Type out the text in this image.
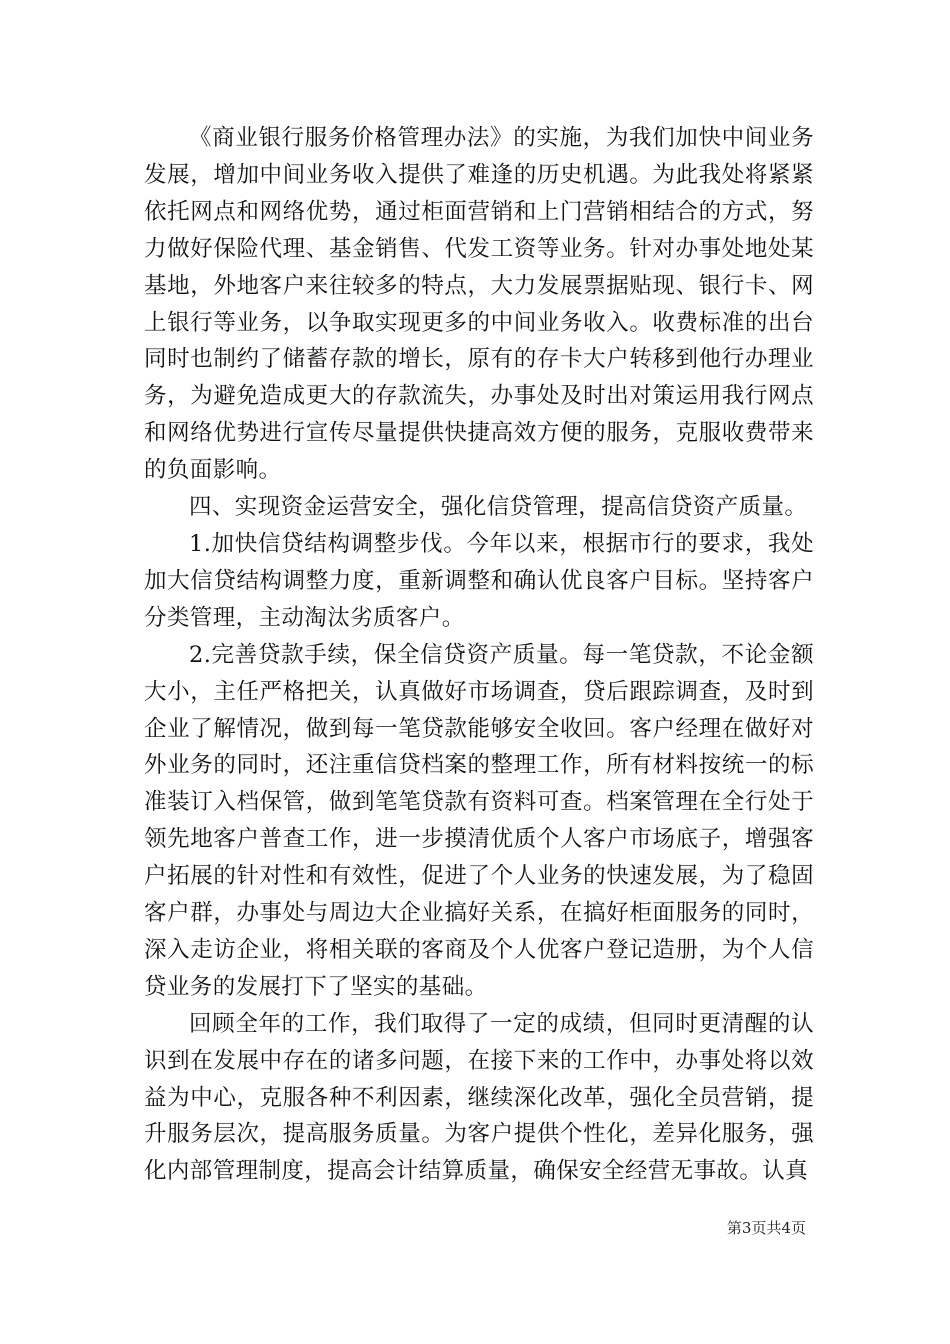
《商业银行服务价格管理办法》的实施，为我们加快中间业务发展，增加中间业务收入提供了难逢的历史机遇。为此我处将紧紧依托网点和网络优势，通过柜面营销和上门营销相结合的方式，努力做好保险代理、基金销售、代发工资等业务。针对办事处地处某基地，外地客户来往较多的特点，大力发展票据贴现、银行卡、网上银行等业务，以争取实现更多的中间业务收入。收费标准的出台同时也制约了储蓄存款的增长，原有的存卡大户转移到他行办理业务，为避免造成更大的存款流失，办事处及时出对策运用我行网点和网络优势进行宣传尽量提供快捷高效方便的服务，克服收费带来的负面影响。

四、实现资金运营安全，强化信贷管理，提高信贷资产质量。

1.加快信贷结构调整步伐。今年以来，根据市行的要求，我处加大信贷结构调整力度，重新调整和确认优良客户目标。坚持客户分类管理，主动淘汰劣质客户。

2.完善贷款手续，保全信贷资产质量。每一笔贷款，不论金额大小，主任严格把关，认真做好市场调查，贷后跟踪调查，及时到企业了解情况，做到每一笔贷款能够安全收回。客户经理在做好对外业务的同时，还注重信贷档案的整理工作，所有材料按统一的标准装订入档保管，做到笔笔贷款有资料可查。档案管理在全行处于领先地客户普查工作，进一步摸清优质个人客户市场底子，增强客户拓展的针对性和有效性，促进了个人业务的快速发展，为了稳固客户群，办事处与周边大企业搞好关系，在搞好柜面服务的同时，深入走访企业，将相关联的客商及个人优客户登记造册，为个人信贷业务的发展打下了坚实的基础。

回顾全年的工作，我们取得了一定的成绩，但同时更清醒的认识到在发展中存在的诸多问题，在接下来的工作中，办事处将以效益为中心，克服各种不利因素，继续深化改革，强化全员营销，提升服务层次，提高服务质量。为客户提供个性化，差异化服务，强化内部管理制度，提高会计结算质量，确保安全经营无事故。认真

第3页共4页
